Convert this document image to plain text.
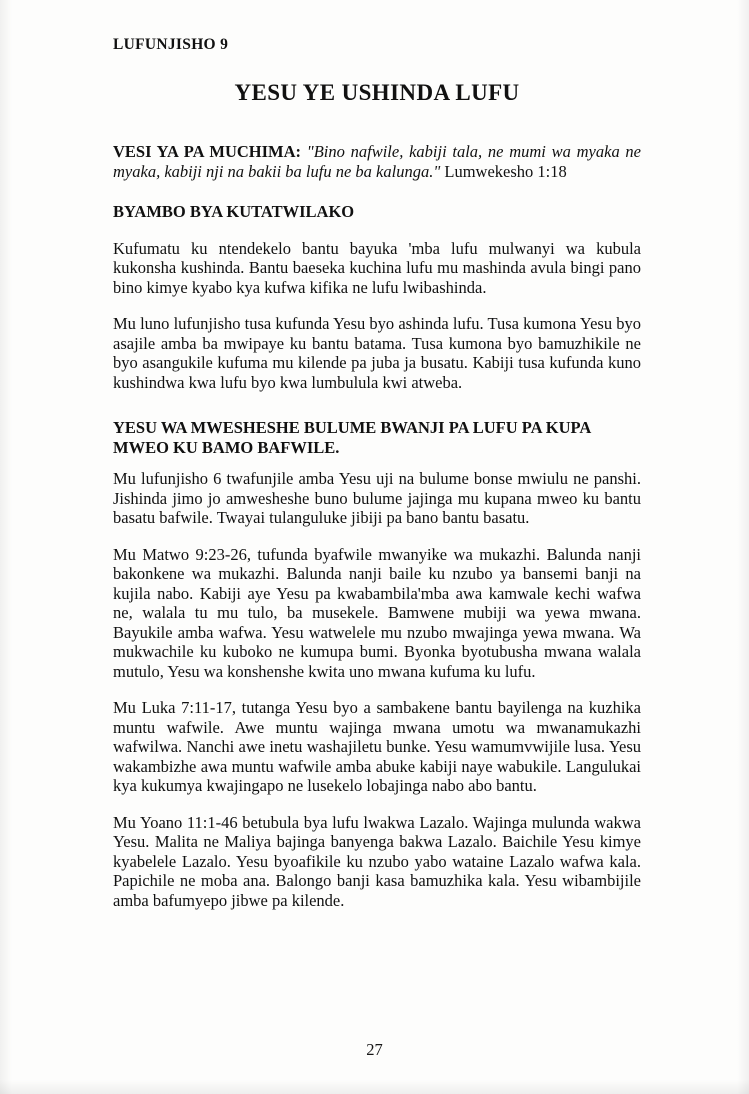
LUFUNJISHO 9
YESU YE USHINDA LUFU

VESI YA PA MUCHIMA: "Bino nafwile, kabiji tala, ne mumi wa myaka ne myaka, kabiji nji na bakii ba lufu ne ba kalunga." Lumwekesho 1:18

BYAMBO BYA KUTATWILAKO

Kufumatu ku ntendekelo bantu bayuka 'mba lufu mulwanyi wa kubula kukonsha kushinda. Bantu baeseka kuchina lufu mu mashinda avula bingi pano bino kimye kyabo kya kufwa kifika ne lufu lwibashinda.

Mu luno lufunjisho tusa kufunda Yesu byo ashinda lufu. Tusa kumona Yesu byo asajile amba ba mwipaye ku bantu batama. Tusa kumona byo bamuzhikile ne byo asangukile kufuma mu kilende pa juba ja busatu. Kabiji tusa kufunda kuno kushindwa kwa lufu byo kwa lumbulula kwi atweba.

YESU WA MWESHESHE BULUME BWANJI PA LUFU PA KUPA MWEO KU BAMO BAFWILE.

Mu lufunjisho 6 twafunjile amba Yesu uji na bulume bonse mwiulu ne panshi. Jishinda jimo jo amwesheshe buno bulume jajinga mu kupana mweo ku bantu basatu bafwile. Twayai tulanguluke jibiji pa bano bantu basatu.

Mu Matwo 9:23-26, tufunda byafwile mwanyike wa mukazhi. Balunda nanji bakonkene wa mukazhi. Balunda nanji baile ku nzubo ya bansemi banji na kujila nabo. Kabiji aye Yesu pa kwabambila'mba awa kamwale kechi wafwa ne, walala tu mu tulo, ba musekele. Bamwene mubiji wa yewa mwana. Bayukile amba wafwa. Yesu watwelele mu nzubo mwajinga yewa mwana. Wa mukwachile ku kuboko ne kumupa bumi. Byonka byotubusha mwana walala mutulo, Yesu wa konshenshe kwita uno mwana kufuma ku lufu.

Mu Luka 7:11-17, tutanga Yesu byo a sambakene bantu bayilenga na kuzhika muntu wafwile. Awe muntu wajinga mwana umotu wa mwanamukazhi wafwilwa. Nanchi awe inetu washajiletu bunke. Yesu wamumvwijile lusa. Yesu wakambizhe awa muntu wafwile amba abuke kabiji naye wabukile. Langulukai kya kukumya kwajingapo ne lusekelo lobajinga nabo abo bantu.

Mu Yoano 11:1-46 betubula bya lufu lwakwa Lazalo. Wajinga mulunda wakwa Yesu. Malita ne Maliya bajinga banyenga bakwa Lazalo. Baichile Yesu kimye kyabelele Lazalo. Yesu byoafikile ku nzubo yabo wataine Lazalo wafwa kala. Papichile ne moba ana. Balongo banji kasa bamuzhika kala. Yesu wibambijile amba bafumyepo jibwe pa kilende.

27
